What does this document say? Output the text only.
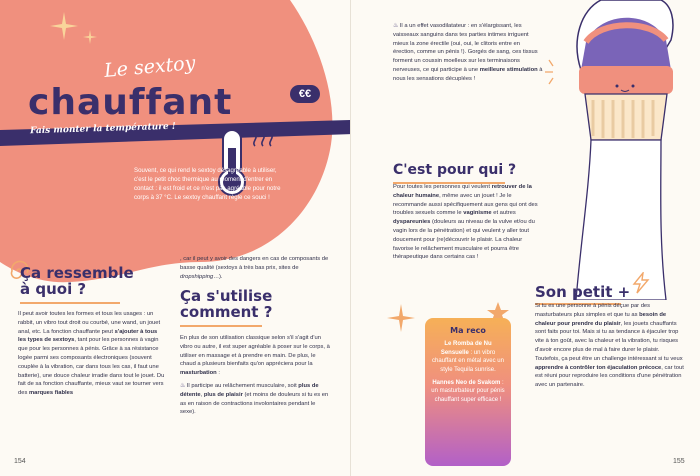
Le sextoy
chauffant	€€
Fais monter la température !
Souvent, ce qui rend le sextoy désagréable à utiliser, c'est le petit choc thermique au moment d'entrer en contact : il est froid et ce n'est pas agréable pour notre corps à 37 °C. Le sextoy chauffant règle ce souci !
Ça ressemble
à quoi ?
Il peut avoir toutes les formes et tous les usages : un rabbit, un vibro tout droit ou courbé, une wand, un jouet anal, etc. La fonction chauffante peut s'ajouter à tous les types de sextoys, tant pour les personnes à vagin que pour les personnes à pénis. Grâce à sa résistance logée parmi ses composants électroniques (souvent couplée à la vibration, car dans tous les cas, il faut une batterie), une douce chaleur irradie dans tout le jouet. Du fait de sa fonction chauffante, mieux vaut se tourner vers des marques fiables
, car il peut y avoir des dangers en cas de composants de basse qualité (sextoys à très bas prix, sites de dropshipping…).
Ça s'utilise
comment ?
En plus de son utilisation classique selon s'il s'agit d'un vibro ou autre, il est super agréable à poser sur le corps, à utiliser en massage et à prendre en main. De plus, le chaud a plusieurs bienfaits qu'on appréciera pour la masturbation :
♨ Il participe au relâchement musculaire, soit plus de détente, plus de plaisir (et moins de douleurs si tu es en as en raison de contractions involontaires pendant le sexe).
154
♨ Il a un effet vasodilatateur : en s'élargissant, les vaisseaux sanguins dans tes parties intimes irriguent mieux la zone érectile (oui, oui, le clitoris entre en érection, comme un pénis !). Gorgés de sang, ces tissus forment un coussin moelleux sur les terminaisons nerveuses, ce qui participe à une meilleure stimulation à nous les sensations décuplées !
C'est pour qui ?
Pour toutes les personnes qui veulent retrouver de la chaleur humaine, même avec un jouet ! Je le recommande aussi spécifiquement aux gens qui ont des troubles sexuels comme le vaginisme et autres dyspareunies (douleurs au niveau de la vulve et/ou du vagin lors de la pénétration) et qui veulent y aller tout doucement pour (re)découvrir le plaisir. La chaleur favorise le relâchement musculaire et pourra être thérapeutique dans certains cas !
Ma reco
Le Romba de Nu Sensuelle : un vibro chauffant en métal avec un style Tequila sunrise.
Hannes Neo de Svakom : un masturbateur pour pénis chauffant super efficace !
Son petit +
Si tu es une personne à pénis déçue par des masturbateurs plus simples et que tu as besoin de chaleur pour prendre du plaisir, les jouets chauffants sont faits pour toi. Mais si tu as tendance à éjaculer trop vite à ton goût, avec la chaleur et la vibration, tu risques d'avoir encore plus de mal à faire durer le plaisir. Toutefois, ça peut être un challenge intéressant si tu veux apprendre à contrôler ton éjaculation précoce, car tout est réuni pour reproduire les conditions d'une pénétration avec un partenaire.
155
